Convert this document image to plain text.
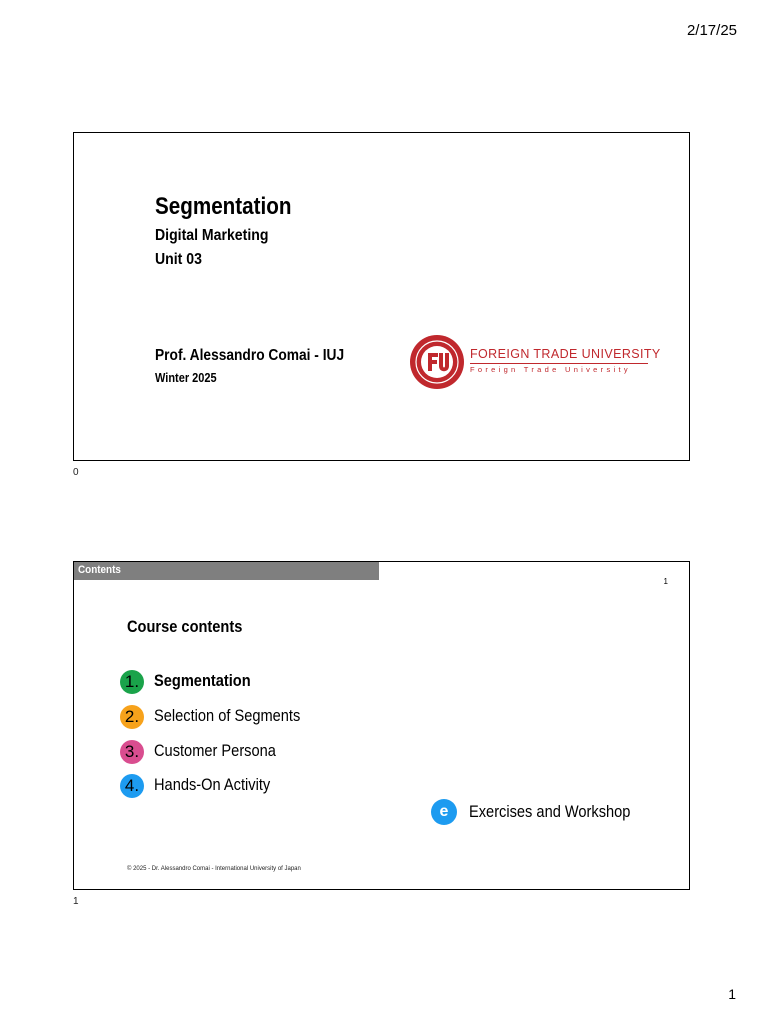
2/17/25
Segmentation
Digital Marketing
Unit 03
Prof. Alessandro Comai - IUJ
Winter 2025
FOREIGN TRADE UNIVERSITY
Foreign Trade University
0
Contents
1
Course contents
1. Segmentation
2. Selection of Segments
3. Customer Persona
4. Hands-On Activity
e	Exercises and Workshop
© 2025 - Dr. Alessandro Comai - International University of Japan
1
1
